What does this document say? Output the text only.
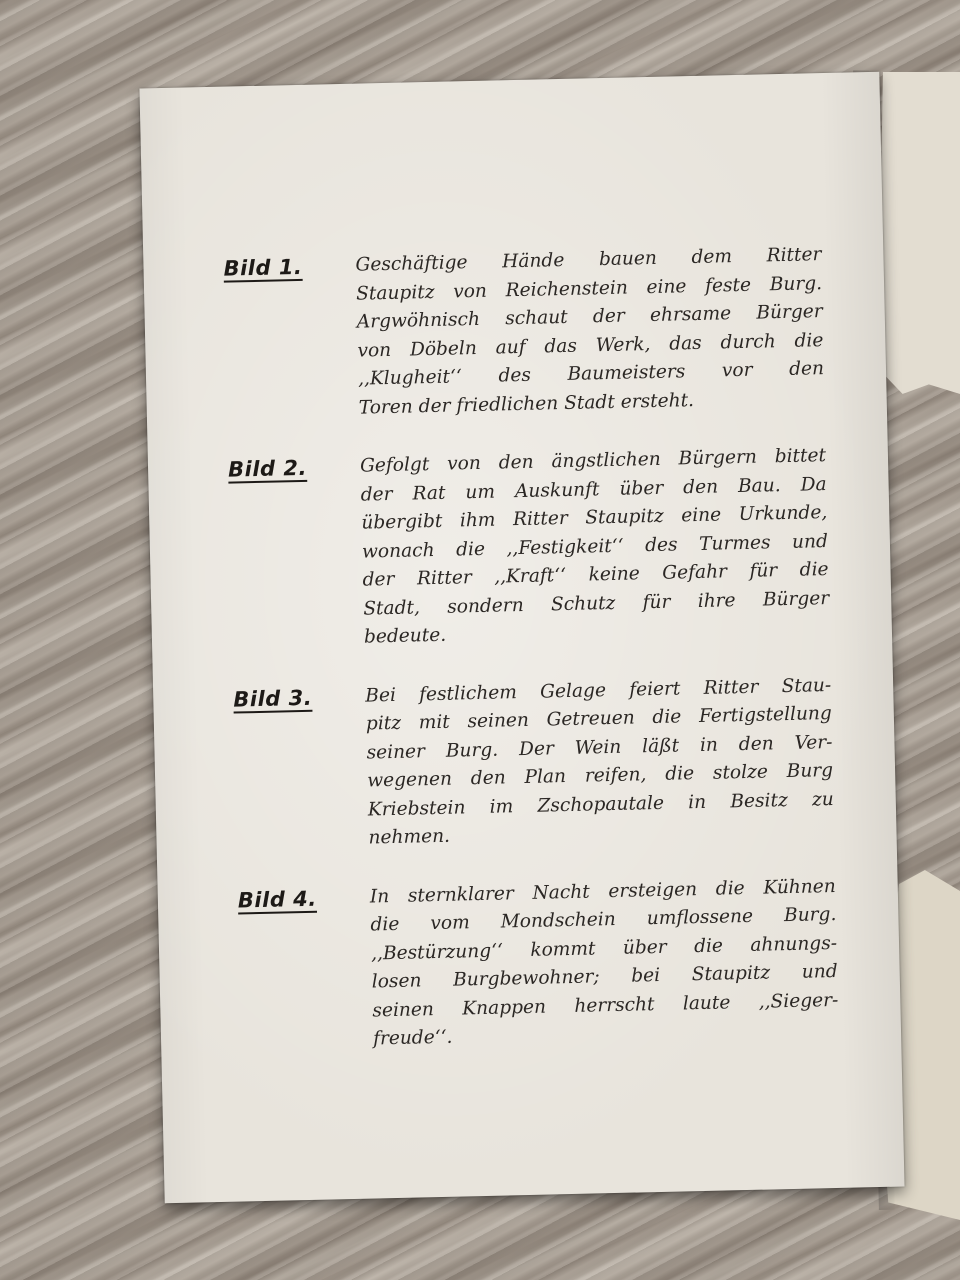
Bild 1.	Geschäftige Hände bauen dem Ritter
Staupitz von Reichenstein eine feste Burg.
Argwöhnisch schaut der ehrsame Bürger
von Döbeln auf das Werk, das durch die
,,Klugheit‘‘ des Baumeisters vor den
Toren der friedlichen Stadt ersteht.

Bild 2.	Gefolgt von den ängstlichen Bürgern bittet
der Rat um Auskunft über den Bau. Da
übergibt ihm Ritter Staupitz eine Urkunde,
wonach die ,,Festigkeit‘‘ des Turmes und
der Ritter ,,Kraft‘‘ keine Gefahr für die
Stadt, sondern Schutz für ihre Bürger
bedeute.

Bild 3.	Bei festlichem Gelage feiert Ritter Stau-
pitz mit seinen Getreuen die Fertigstellung
seiner Burg. Der Wein läßt in den Ver-
wegenen den Plan reifen, die stolze Burg
Kriebstein im Zschopautale in Besitz zu
nehmen.

Bild 4.	In sternklarer Nacht ersteigen die Kühnen
die vom Mondschein umflossene Burg.
,,Bestürzung‘‘ kommt über die ahnungs-
losen Burgbewohner; bei Staupitz und
seinen Knappen herrscht laute ,,Sieger-
freude‘‘.
